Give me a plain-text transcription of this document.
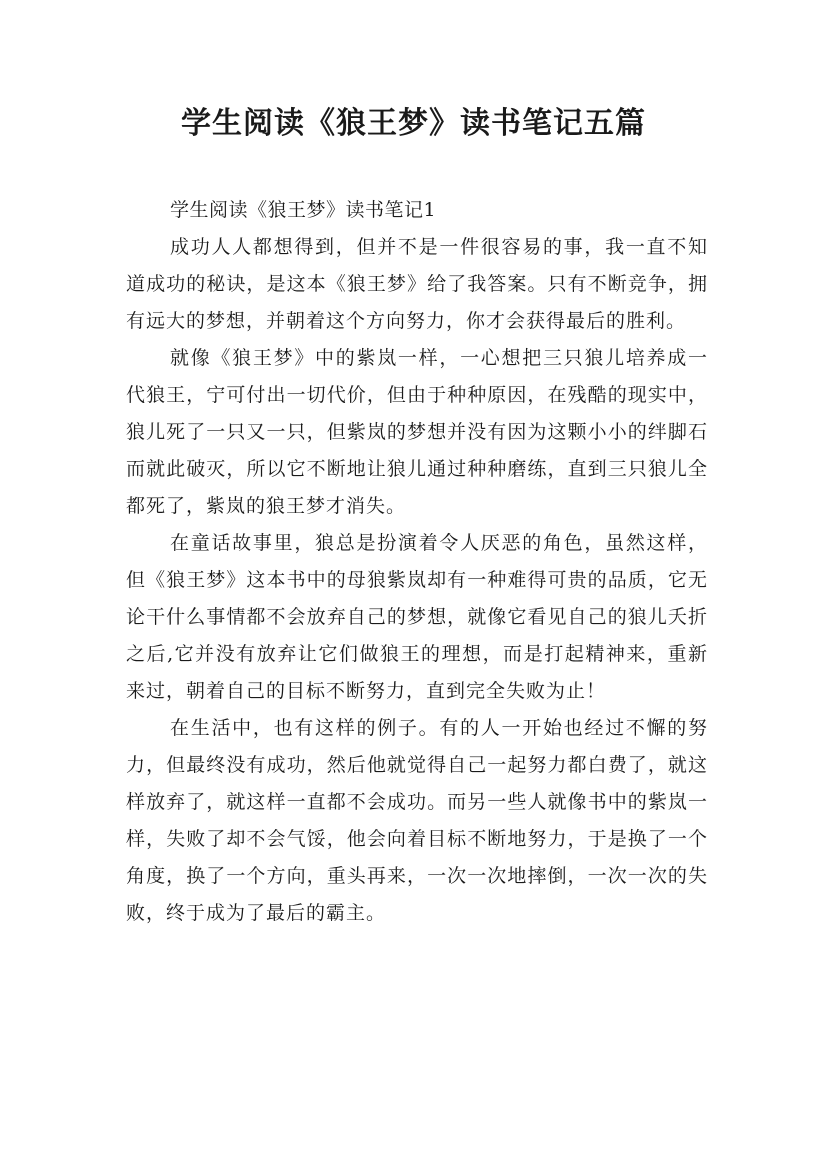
学生阅读《狼王梦》读书笔记五篇

学生阅读《狼王梦》读书笔记1

成功人人都想得到，但并不是一件很容易的事，我一直不知道成功的秘诀，是这本《狼王梦》给了我答案。只有不断竞争，拥有远大的梦想，并朝着这个方向努力，你才会获得最后的胜利。

就像《狼王梦》中的紫岚一样，一心想把三只狼儿培养成一代狼王，宁可付出一切代价，但由于种种原因，在残酷的现实中，狼儿死了一只又一只，但紫岚的梦想并没有因为这颗小小的绊脚石而就此破灭，所以它不断地让狼儿通过种种磨练，直到三只狼儿全都死了，紫岚的狼王梦才消失。

在童话故事里，狼总是扮演着令人厌恶的角色，虽然这样，但《狼王梦》这本书中的母狼紫岚却有一种难得可贵的品质，它无论干什么事情都不会放弃自己的梦想，就像它看见自己的狼儿夭折之后,它并没有放弃让它们做狼王的理想，而是打起精神来，重新来过，朝着自己的目标不断努力，直到完全失败为止！

在生活中，也有这样的例子。有的人一开始也经过不懈的努力，但最终没有成功，然后他就觉得自己一起努力都白费了，就这样放弃了，就这样一直都不会成功。而另一些人就像书中的紫岚一样，失败了却不会气馁，他会向着目标不断地努力，于是换了一个角度，换了一个方向，重头再来，一次一次地摔倒，一次一次的失败，终于成为了最后的霸主。
